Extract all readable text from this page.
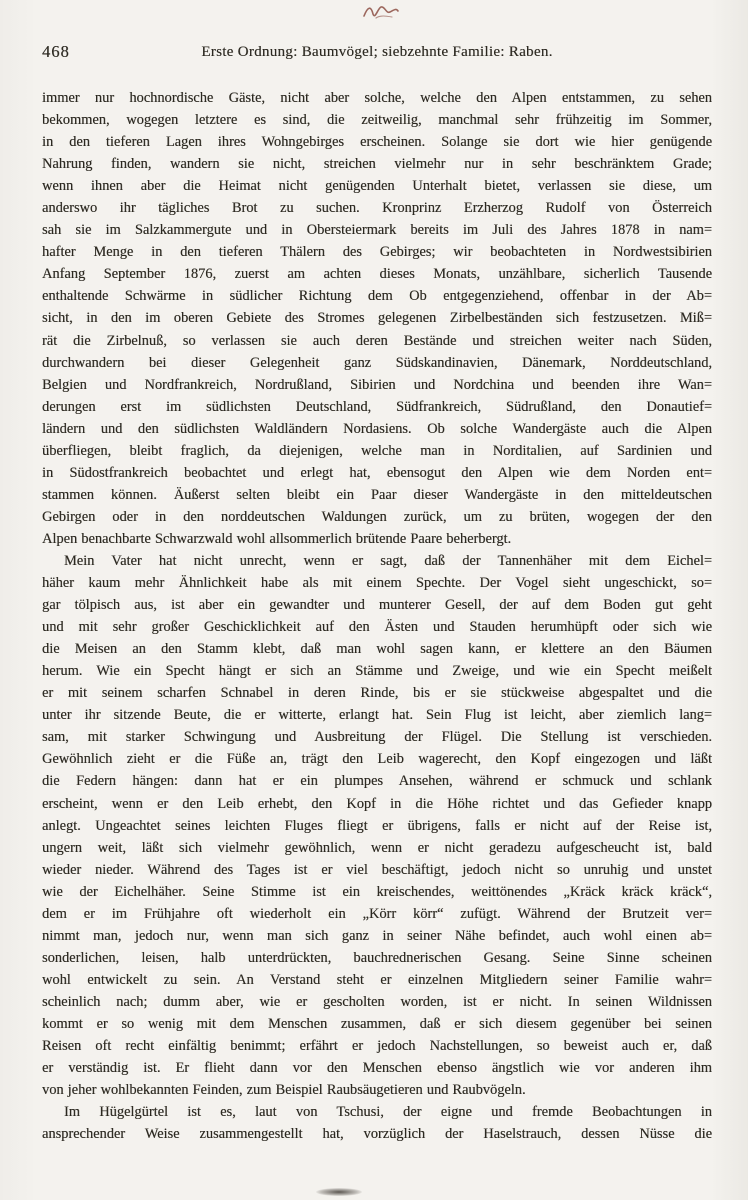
468	Erste Ordnung: Baumvögel; siebzehnte Familie: Raben.
immer nur hochnordische Gäste, nicht aber solche, welche den Alpen entstammen, zu sehen
bekommen, wogegen letztere es sind, die zeitweilig, manchmal sehr frühzeitig im Sommer,
in den tieferen Lagen ihres Wohngebirges erscheinen. Solange sie dort wie hier genügende
Nahrung finden, wandern sie nicht, streichen vielmehr nur in sehr beschränktem Grade;
wenn ihnen aber die Heimat nicht genügenden Unterhalt bietet, verlassen sie diese, um
anderswo ihr tägliches Brot zu suchen. Kronprinz Erzherzog Rudolf von Österreich
sah sie im Salzkammergute und in Obersteiermark bereits im Juli des Jahres 1878 in nam=
hafter Menge in den tieferen Thälern des Gebirges; wir beobachteten in Nordwestsibirien
Anfang September 1876, zuerst am achten dieses Monats, unzählbare, sicherlich Tausende
enthaltende Schwärme in südlicher Richtung dem Ob entgegenziehend, offenbar in der Ab=
sicht, in den im oberen Gebiete des Stromes gelegenen Zirbelbeständen sich festzusetzen. Miß=
rät die Zirbelnuß, so verlassen sie auch deren Bestände und streichen weiter nach Süden,
durchwandern bei dieser Gelegenheit ganz Südskandinavien, Dänemark, Norddeutschland,
Belgien und Nordfrankreich, Nordrußland, Sibirien und Nordchina und beenden ihre Wan=
derungen erst im südlichsten Deutschland, Südfrankreich, Südrußland, den Donautief=
ländern und den südlichsten Waldländern Nordasiens. Ob solche Wandergäste auch die Alpen
überfliegen, bleibt fraglich, da diejenigen, welche man in Norditalien, auf Sardinien und
in Südostfrankreich beobachtet und erlegt hat, ebensogut den Alpen wie dem Norden ent=
stammen können. Äußerst selten bleibt ein Paar dieser Wandergäste in den mitteldeutschen
Gebirgen oder in den norddeutschen Waldungen zurück, um zu brüten, wogegen der den
Alpen benachbarte Schwarzwald wohl allsommerlich brütende Paare beherbergt.
Mein Vater hat nicht unrecht, wenn er sagt, daß der Tannenhäher mit dem Eichel=
häher kaum mehr Ähnlichkeit habe als mit einem Spechte. Der Vogel sieht ungeschickt, so=
gar tölpisch aus, ist aber ein gewandter und munterer Gesell, der auf dem Boden gut geht
und mit sehr großer Geschicklichkeit auf den Ästen und Stauden herumhüpft oder sich wie
die Meisen an den Stamm klebt, daß man wohl sagen kann, er klettere an den Bäumen
herum. Wie ein Specht hängt er sich an Stämme und Zweige, und wie ein Specht meißelt
er mit seinem scharfen Schnabel in deren Rinde, bis er sie stückweise abgespaltet und die
unter ihr sitzende Beute, die er witterte, erlangt hat. Sein Flug ist leicht, aber ziemlich lang=
sam, mit starker Schwingung und Ausbreitung der Flügel. Die Stellung ist verschieden.
Gewöhnlich zieht er die Füße an, trägt den Leib wagerecht, den Kopf eingezogen und läßt
die Federn hängen: dann hat er ein plumpes Ansehen, während er schmuck und schlank
erscheint, wenn er den Leib erhebt, den Kopf in die Höhe richtet und das Gefieder knapp
anlegt. Ungeachtet seines leichten Fluges fliegt er übrigens, falls er nicht auf der Reise ist,
ungern weit, läßt sich vielmehr gewöhnlich, wenn er nicht geradezu aufgescheucht ist, bald
wieder nieder. Während des Tages ist er viel beschäftigt, jedoch nicht so unruhig und unstet
wie der Eichelhäher. Seine Stimme ist ein kreischendes, weittönendes „Kräck kräck kräck“,
dem er im Frühjahre oft wiederholt ein „Körr körr“ zufügt. Während der Brutzeit ver=
nimmt man, jedoch nur, wenn man sich ganz in seiner Nähe befindet, auch wohl einen ab=
sonderlichen, leisen, halb unterdrückten, bauchrednerischen Gesang. Seine Sinne scheinen
wohl entwickelt zu sein. An Verstand steht er einzelnen Mitgliedern seiner Familie wahr=
scheinlich nach; dumm aber, wie er gescholten worden, ist er nicht. In seinen Wildnissen
kommt er so wenig mit dem Menschen zusammen, daß er sich diesem gegenüber bei seinen
Reisen oft recht einfältig benimmt; erfährt er jedoch Nachstellungen, so beweist auch er, daß
er verständig ist. Er flieht dann vor den Menschen ebenso ängstlich wie vor anderen ihm
von jeher wohlbekannten Feinden, zum Beispiel Raubsäugetieren und Raubvögeln.
Im Hügelgürtel ist es, laut von Tschusi, der eigne und fremde Beobachtungen in
ansprechender Weise zusammengestellt hat, vorzüglich der Haselstrauch, dessen Nüsse die
